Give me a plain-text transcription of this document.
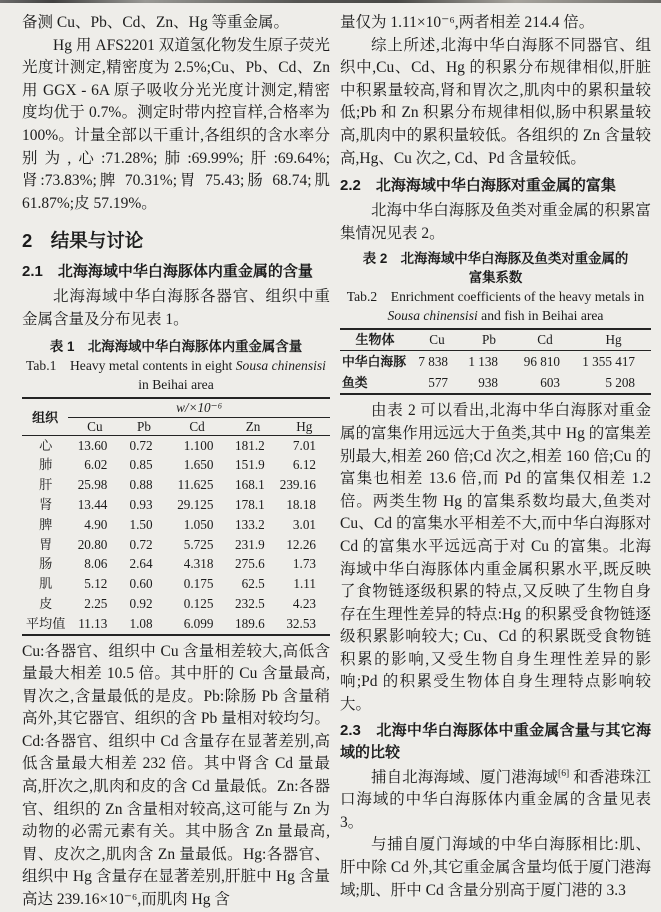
备测 Cu、Pb、Cd、Zn、Hg 等重金属。

Hg 用 AFS2201 双道氢化物发生原子荧光光度计测定,精密度为 2.5%;Cu、Pb、Cd、Zn 用 GGX - 6A 原子吸收分光光度计测定,精密度均优于 0.7%。测定时带内控盲样,合格率为 100%。计量全部以干重计,各组织的含水率分别为,心:71.28%;肺:69.99%;肝:69.64%;肾:73.83%;脾 70.31%;胃 75.43;肠 68.74;肌 61.87%;皮 57.19%。

2　结果与讨论
2.1　北海海域中华白海豚体内重金属的含量

北海海域中华白海豚各器官、组织中重金属含量及分布见表 1。

表 1　北海海域中华白海豚体内重金属含量
Tab.1　Heavy metal contents in eight Sousa chinensisi
in Beihai area
组织	w/×10⁻⁶				
	Cu	Pb	Cd	Zn	Hg
心	13.60	0.72	1.100	181.2	7.01
肺	6.02	0.85	1.650	151.9	6.12
肝	25.98	0.88	11.625	168.1	239.16
肾	13.44	0.93	29.125	178.1	18.18
脾	4.90	1.50	1.050	133.2	3.01
胃	20.80	0.72	5.725	231.9	12.26
肠	8.06	2.64	4.318	275.6	1.73
肌	5.12	0.60	0.175	62.5	1.11
皮	2.25	0.92	0.125	232.5	4.23
平均值	11.13	1.08	6.099	189.6	32.53

Cu:各器官、组织中 Cu 含量相差较大,高低含量最大相差 10.5 倍。其中肝的 Cu 含量最高,胃次之,含量最低的是皮。Pb:除肠 Pb 含量稍高外,其它器官、组织的含 Pb 量相对较均匀。Cd:各器官、组织中 Cd 含量存在显著差别,高低含量最大相差 232 倍。其中肾含 Cd 量最高,肝次之,肌肉和皮的含 Cd 量最低。Zn:各器官、组织的 Zn 含量相对较高,这可能与 Zn 为动物的必需元素有关。其中肠含 Zn 量最高,胃、皮次之,肌肉含 Zn 量最低。Hg:各器官、组织中 Hg 含量存在显著差别,肝脏中 Hg 含量高达 239.16×10⁻⁶,而肌肉 Hg 含

量仅为 1.11×10⁻⁶,两者相差 214.4 倍。

综上所述,北海中华白海豚不同器官、组织中,Cu、Cd、Hg 的积累分布规律相似,肝脏中积累量较高,肾和胃次之,肌肉中的累积量较低;Pb 和 Zn 积累分布规律相似,肠中积累量较高,肌肉中的累积量较低。各组织的 Zn 含量较高,Hg、Cu 次之, Cd、Pd 含量较低。

2.2　北海海域中华白海豚对重金属的富集

北海中华白海豚及鱼类对重金属的积累富集情况见表 2。

表 2　北海海域中华白海豚及鱼类对重金属的
富集系数
Tab.2　Enrichment coefficients of the heavy metals in
Sousa chinensisi and fish in Beihai area
生物体	Cu	Pb	Cd	Hg
中华白海豚	7 838	1 138	96 810	1 355 417
鱼类	577	938	603	5 208

由表 2 可以看出,北海中华白海豚对重金属的富集作用远远大于鱼类,其中 Hg 的富集差别最大,相差 260 倍;Cd 次之,相差 160 倍;Cu 的富集也相差 13.6 倍,而 Pd 的富集仅相差 1.2 倍。两类生物 Hg 的富集系数均最大,鱼类对 Cu、Cd 的富集水平相差不大,而中华白海豚对 Cd 的富集水平远远高于对 Cu 的富集。北海海域中华白海豚体内重金属积累水平,既反映了食物链逐级积累的特点,又反映了生物自身存在生理性差异的特点:Hg 的积累受食物链逐级积累影响较大; Cu、Cd 的积累既受食物链积累的影响,又受生物自身生理性差异的影响;Pd 的积累受生物体自身生理特点影响较大。

2.3　北海中华白海豚体中重金属含量与其它海域的比较

捕自北海海域、厦门港海域[6] 和香港珠江口海域的中华白海豚体内重金属的含量见表 3。

与捕自厦门海域的中华白海豚相比:肌、肝中除 Cd 外,其它重金属含量均低于厦门港海域;肌、肝中 Cd 含量分别高于厦门港的 3.3
